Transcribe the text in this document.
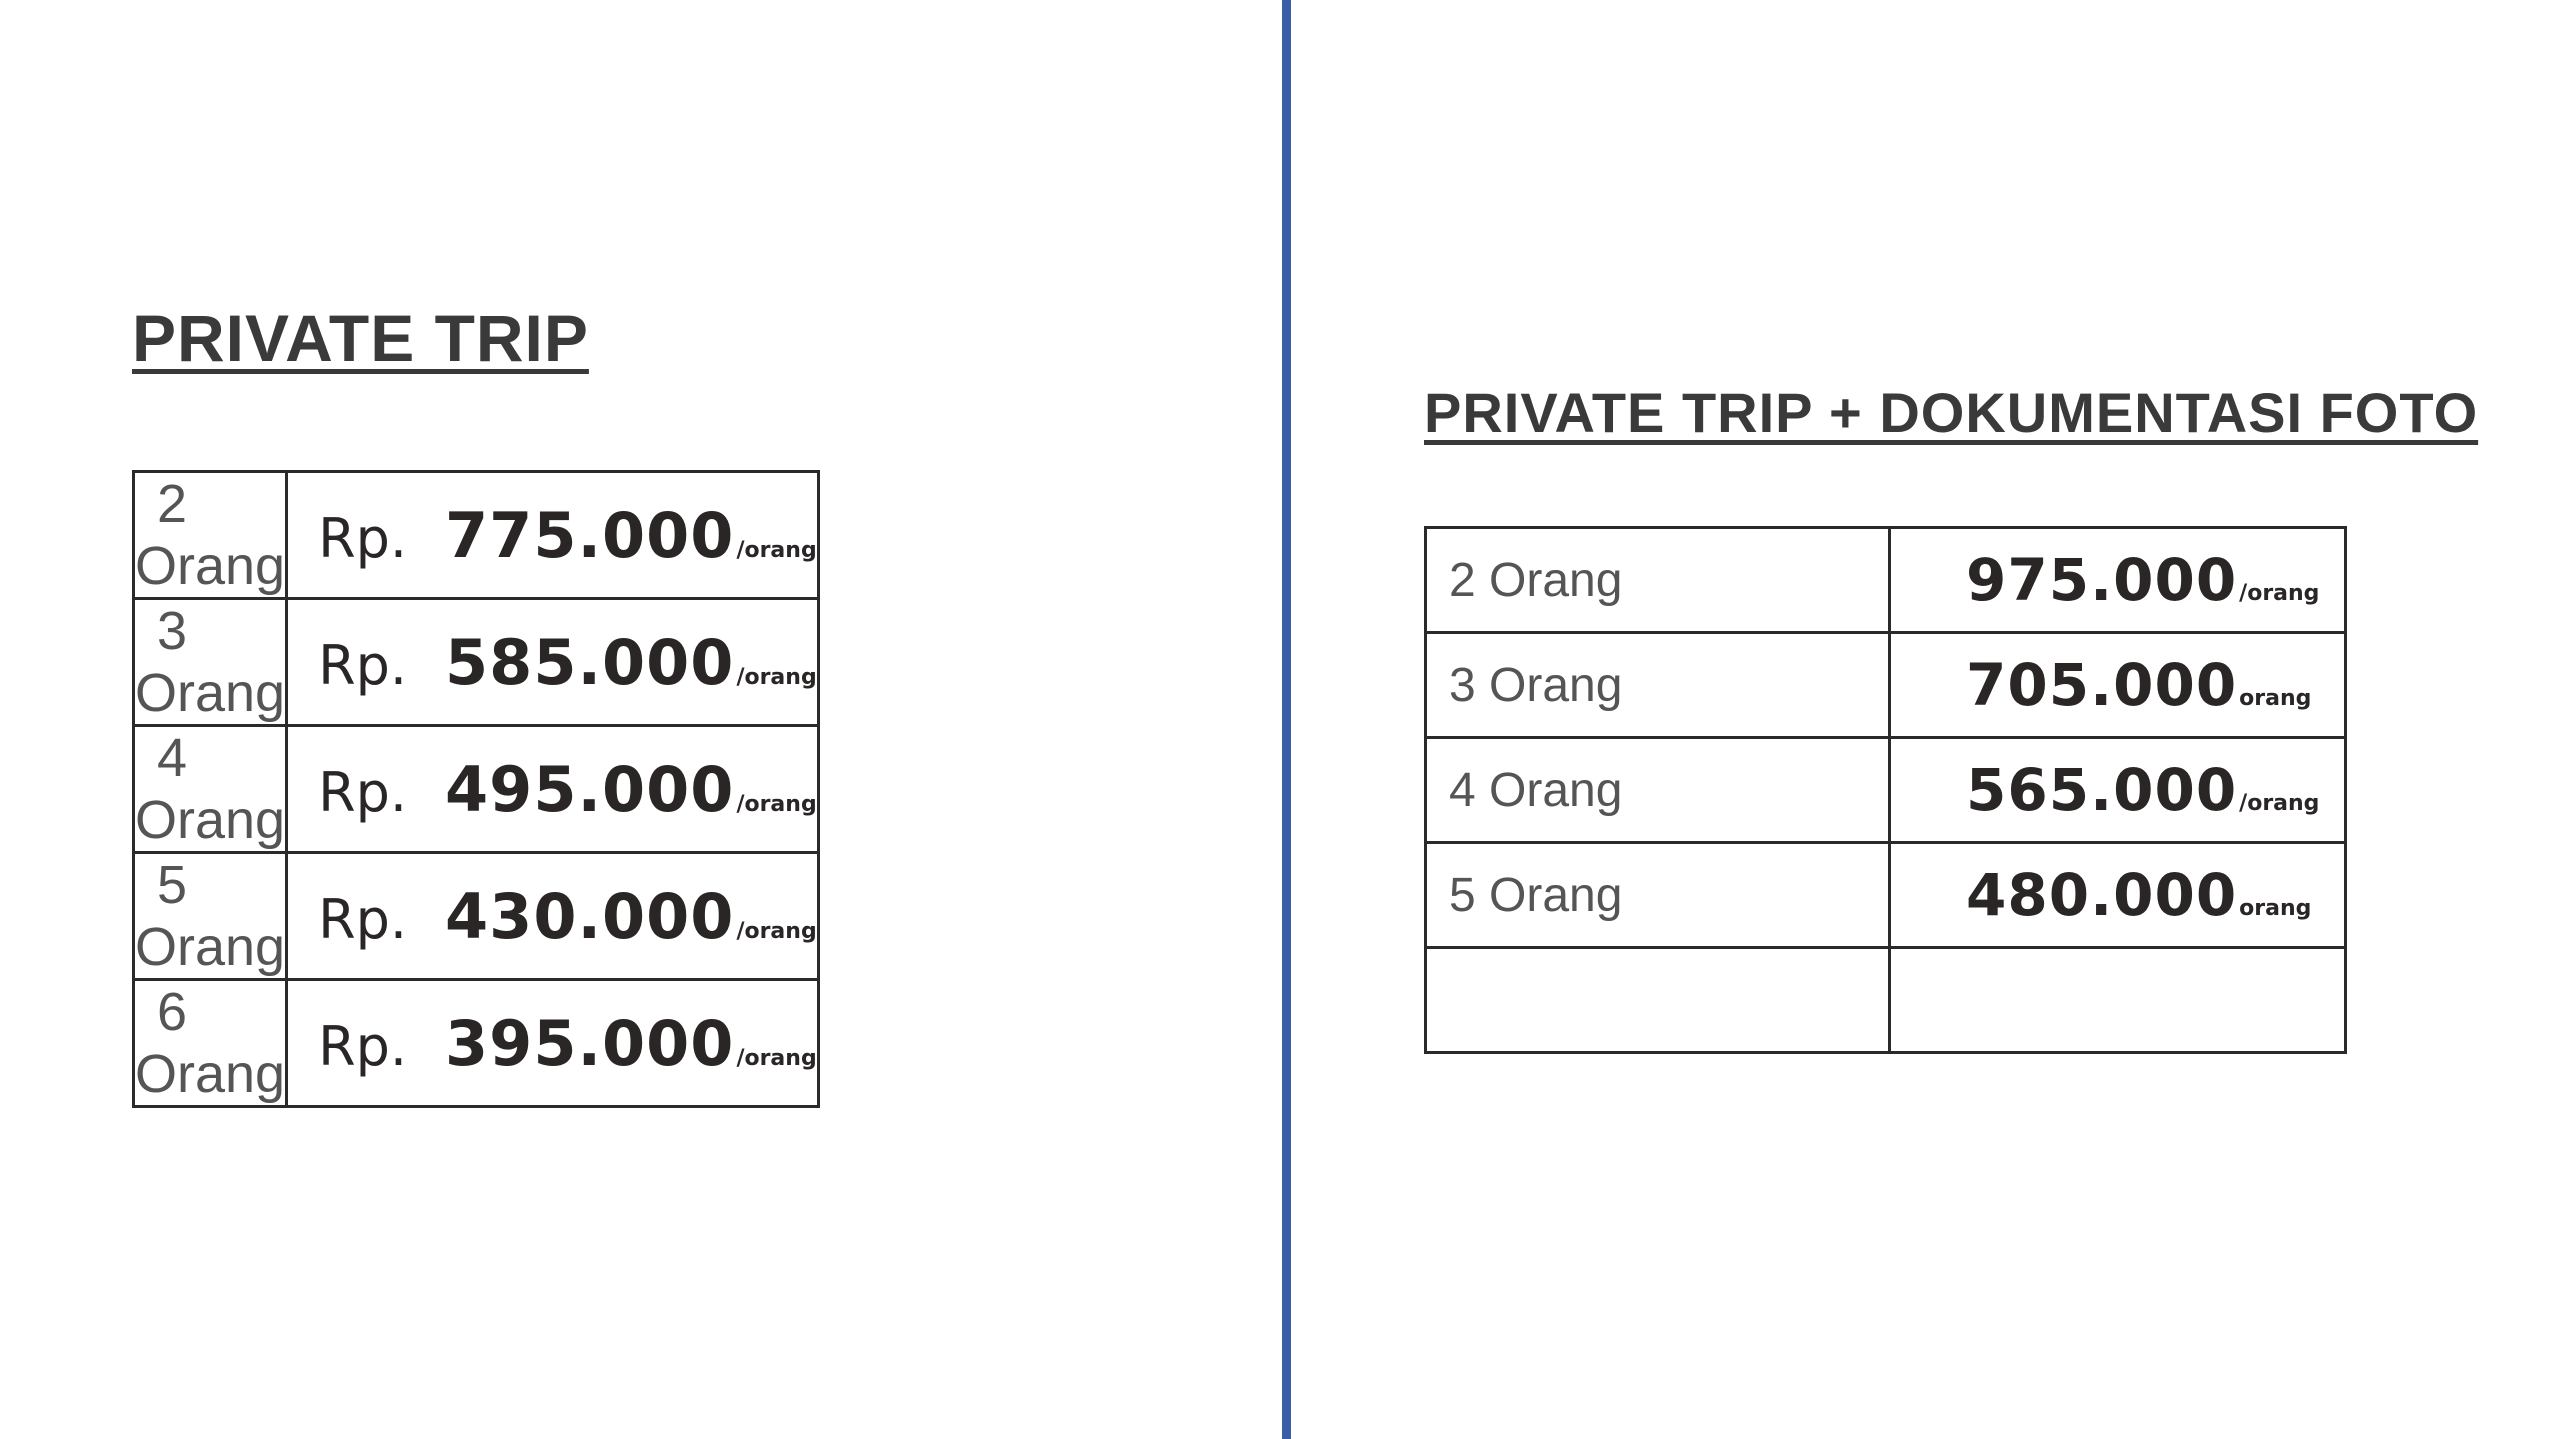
PRIVATE TRIP
2 Orang	Rp. 775.000 /orang

3 Orang	Rp. 585.000 /orang

4 Orang	Rp. 495.000 /orang

5 Orang	Rp. 430.000 /orang

6 Orang	Rp. 395.000 /orang
PRIVATE TRIP + DOKUMENTASI FOTO
2 Orang	975.000 /orang

3 Orang	705.000 orang

4 Orang	565.000 /orang

5 Orang	480.000 orang
